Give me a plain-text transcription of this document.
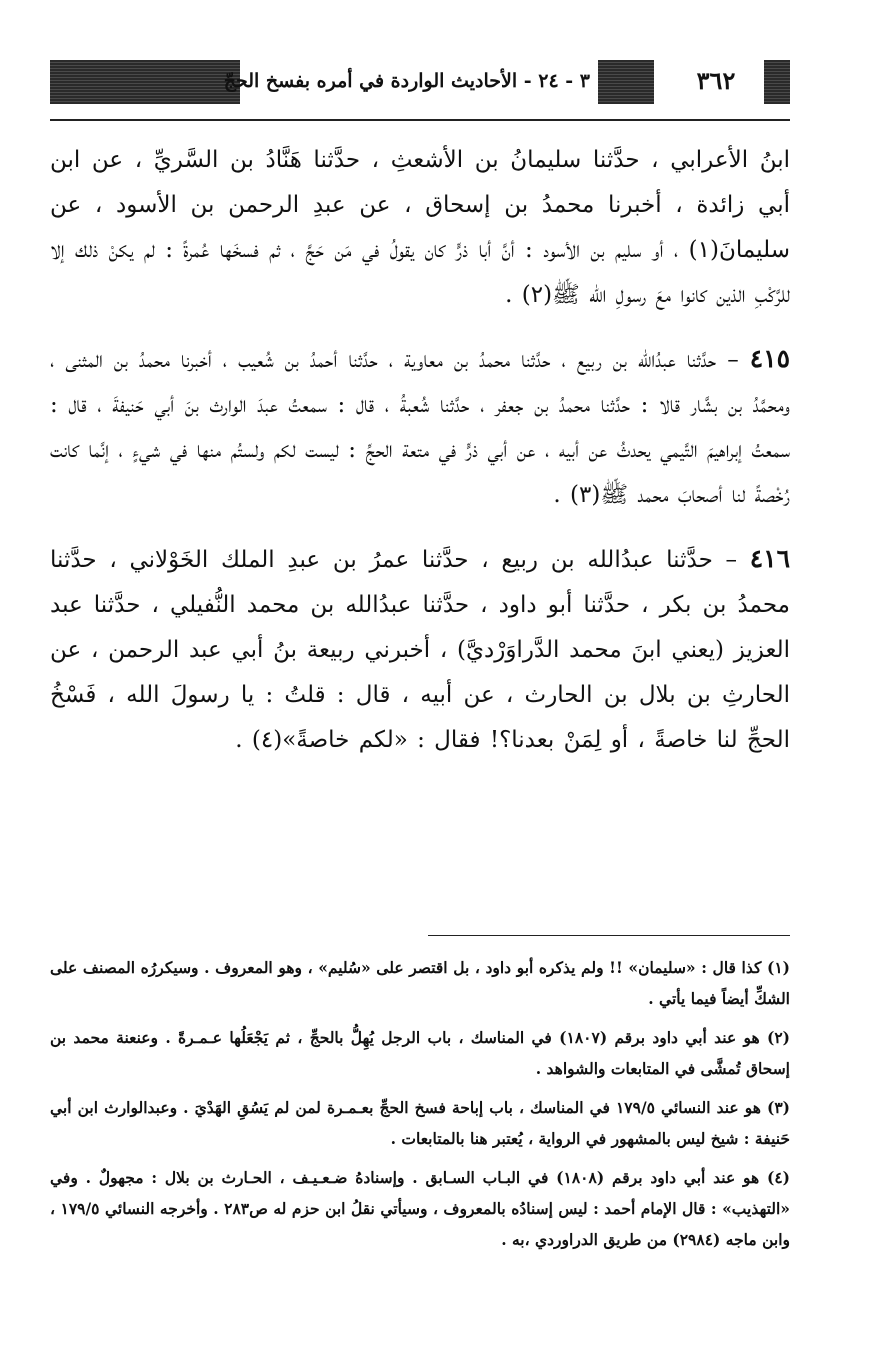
٣ - ٢٤ - الأحاديث الواردة في أمره بفسخ الحجّ	٣٦٢

ابنُ الأعرابي ، حدَّثنا سليمانُ بن الأشعثِ ، حدَّثنا هَنَّادُ بن السَّريِّ ، عن ابن أبي زائدة ، أخبرنا محمدُ بن إسحاق ، عن عبدِ الرحمن بن الأسود ، عن سليمانَ(١) ، أو سليم بن الأسود : أنَّ أبا ذرٍّ كان يقولُ في مَن حَجَّ ، ثم فسخَها عُمرةً : لم يكنْ ذلك إلا للرَّكْبِ الذين كانوا معَ رسولِ الله ﷺ(٢) .

٤١٥ – حدَّثنا عبدُالله بن ربيع ، حدَّثنا محمدُ بن معاوية ، حدَّثنا أحمدُ بن شُعيب ، أخبرنا محمدُ بن المثنى ، ومحمَّدُ بن بشَّار قالا : حدَّثنا محمدُ بن جعفر ، حدَّثنا شُعبةُ ، قال : سمعتُ عبدَ الوارث بنَ أبي حَنيفةَ ، قال : سمعتُ إبراهيمَ التَّيمي يحدثُ عن أبيه ، عن أبي ذرٍّ في متعة الحجِّ : ليست لكم ولستُم منها في شيءٍ ، إنَّما كانت رُخْصةً لنا أصحابَ محمد ﷺ(٣) .

٤١٦ – حدَّثنا عبدُالله بن ربيع ، حدَّثنا عمرُ بن عبدِ الملك الخَوْلاني ، حدَّثنا محمدُ بن بكر ، حدَّثنا أبو داود ، حدَّثنا عبدُالله بن محمد النُّفيلي ، حدَّثنا عبد العزيز (يعني ابنَ محمد الدَّراوَرْديَّ) ، أخبرني ربيعة بنُ أبي عبد الرحمن ، عن الحارثِ بن بلال بن الحارث ، عن أبيه ، قال : قلتُ : يا رسولَ الله ، فَسْخُ الحجِّ لنا خاصةً ، أو لِمَنْ بعدنا؟! فقال : «لكم خاصةً»(٤) .

(١) كذا قال : «سليمان» !! ولم يذكره أبو داود ، بل اقتصر على «سُليم» ، وهو المعروف . وسيكررُه المصنف على الشكِّ أيضاً فيما يأتي .

(٢) هو عند أبي داود برقم (١٨٠٧) في المناسك ، باب الرجل يُهِلُّ بالحجِّ ، ثم يَجْعَلُها عـمـرةً . وعنعنة محمد بن إسحاق تُمشَّى في المتابعات والشواهد .

(٣) هو عند النسائي ١٧٩/٥ في المناسك ، باب إباحة فسخ الحجِّ بعـمـرة لمن لم يَسُقِ الهَدْيَ . وعبدالوارث ابن أبي حَنيفة : شيخ ليس بالمشهور في الرواية ، يُعتبر هنا بالمتابعات .

(٤) هو عند أبي داود برقم (١٨٠٨) في البـاب السـابق . وإسنادهُ ضـعـيـف ، الحـارث بن بلال : مجهولٌ . وفي «التهذيب» : قال الإمام أحمد : ليس إسنادُه بالمعروف ، وسيأتي نقلُ ابن حزم له ص٢٨٣ . وأخرجه النسائي ١٧٩/٥ ، وابن ماجه (٢٩٨٤) من طريق الدراوردي ،به .
